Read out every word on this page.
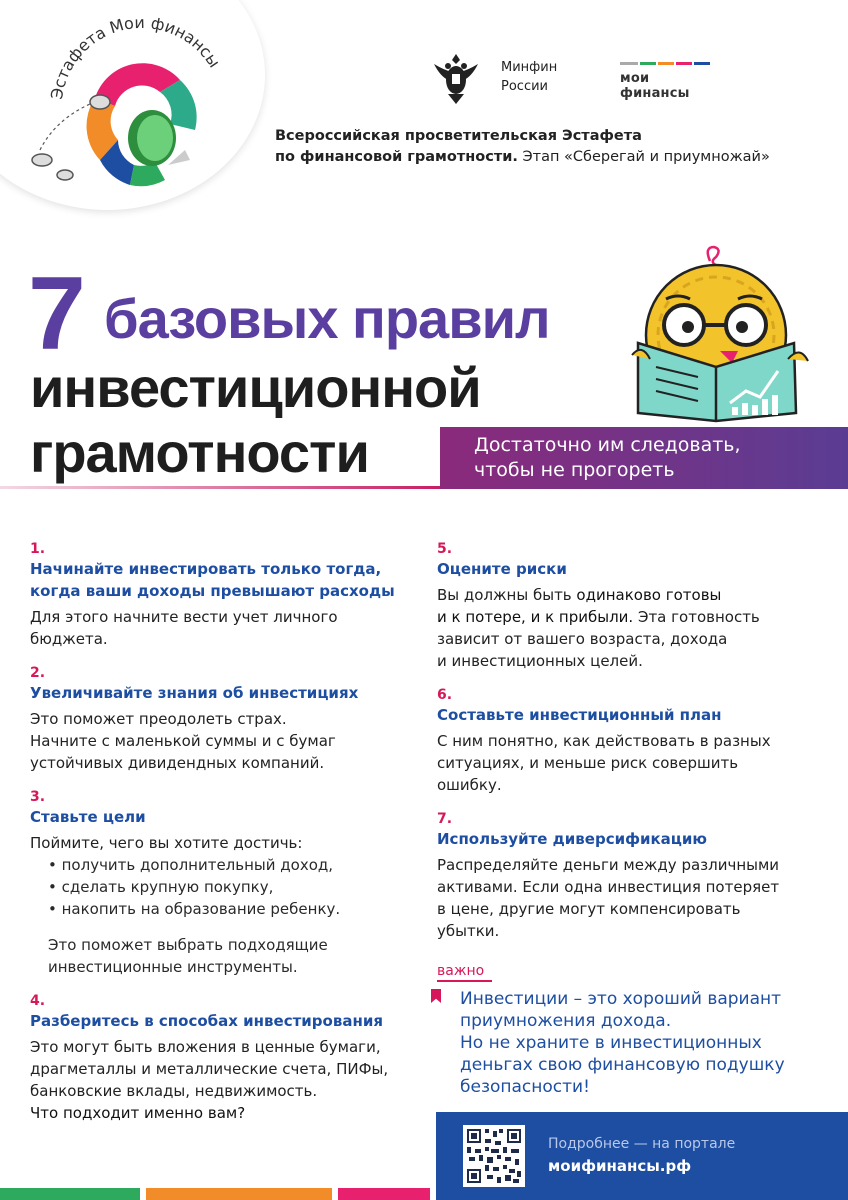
Эстафета Мои финансы	Минфин
России
мои финансы
Всероссийская просветительская Эстафета
по финансовой грамотности. Этап «Сберегай и приумножай»
7 базовых правил
инвестиционной
грамотности	Достаточно им следовать,
чтобы не прогореть
1.
Начинайте инвестировать только тогда,
когда ваши доходы превышают расходы
Для этого начните вести учет личного
бюджета.
2.
Увеличивайте знания об инвестициях
Это поможет преодолеть страх.
Начните с маленькой суммы и с бумаг
устойчивых дивидендных компаний.
3.
Ставьте цели
Поймите, чего вы хотите достичь:
• получить дополнительный доход,
• сделать крупную покупку,
• накопить на образование ребенку.
Это поможет выбрать подходящие
инвестиционные инструменты.
4.
Разберитесь в способах инвестирования
Это могут быть вложения в ценные бумаги,
драгметаллы и металлические счета, ПИФы,
банковские вклады, недвижимость.
Что подходит именно вам?
5.
Оцените риски
Вы должны быть одинаково готовы
и к потере, и к прибыли. Эта готовность
зависит от вашего возраста, дохода
и инвестиционных целей.
6.
Составьте инвестиционный план
С ним понятно, как действовать в разных
ситуациях, и меньше риск совершить
ошибку.
7.
Используйте диверсификацию
Распределяйте деньги между различными
активами. Если одна инвестиция потеряет
в цене, другие могут компенсировать
убытки.
важно
Инвестиции – это хороший вариант
приумножения дохода.
Но не храните в инвестиционных
деньгах свою финансовую подушку
безопасности!
Подробнее — на портале
моифинансы.рф
